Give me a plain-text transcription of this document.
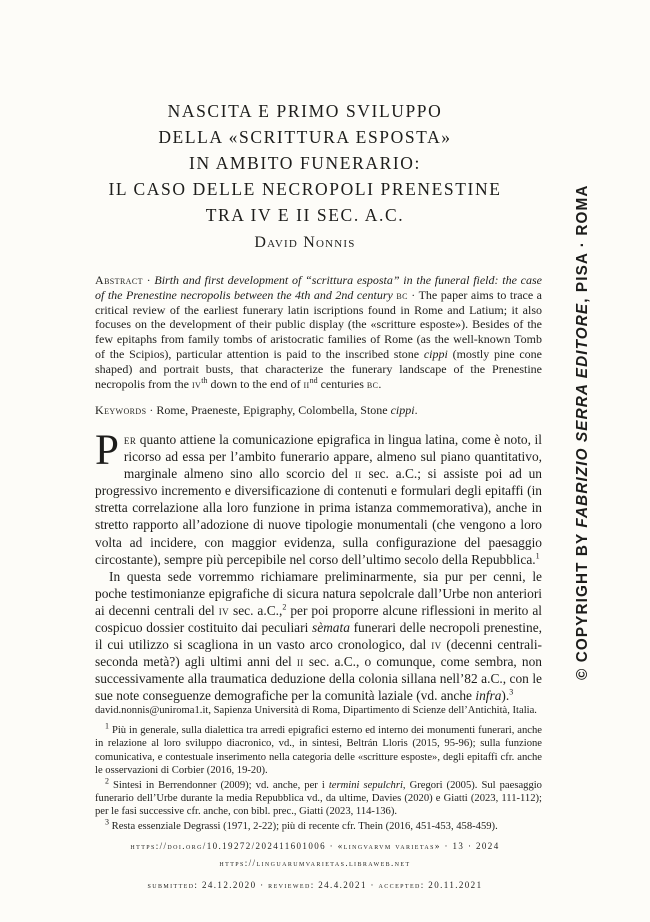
NASCITA E PRIMO SVILUPPO
DELLA «SCRITTURA ESPOSTA»
IN AMBITO FUNERARIO:
IL CASO DELLE NECROPOLI PRENESTINE
TRA IV E II SEC. A.C.
David Nonnis

Abstract · Birth and first development of “scrittura esposta” in the funeral field: the case of the Prenestine necropolis between the 4th and 2nd century bc · The paper aims to trace a critical review of the earliest funerary latin iscriptions found in Rome and Latium; it also focuses on the development of their public display (the «scritture esposte»). Besides of the few epitaphs from family tombs of aristocratic families of Rome (as the well-known Tomb of the Scipios), particular attention is paid to the inscribed stone cippi (mostly pine cone shaped) and portrait busts, that characterize the funerary landscape of the Prenestine necropolis from the $iv^{th}$ down to the end of $ii^{nd}$ centuries bc.

Keywords · Rome, Praeneste, Epigraphy, Colombella, Stone cippi.

Per quanto attiene la comunicazione epigrafica in lingua latina, come è noto, il ricorso ad essa per l’ambito funerario appare, almeno sul piano quantitativo, marginale almeno sino allo scorcio del ii sec. a.C.; si assiste poi ad un progressivo incremento e diversificazione di contenuti e formulari degli epitaffi (in stretta correlazione alla loro funzione in prima istanza commemorativa), anche in stretto rapporto all’adozione di nuove tipologie monumentali (che vengono a loro volta ad incidere, con maggior evidenza, sulla configurazione del paesaggio circostante), sempre più percepibile nel corso dell’ultimo secolo della Repubblica.$^1$

In questa sede vorremmo richiamare preliminarmente, sia pur per cenni, le poche testimonianze epigrafiche di sicura natura sepolcrale dall’Urbe non anteriori ai decenni centrali del iv sec. a.C.,$^2$ per poi proporre alcune riflessioni in merito al cospicuo dossier costituito dai peculiari sèmata funerari delle necropoli prenestine, il cui utilizzo si scagliona in un vasto arco cronologico, dal iv (decenni centrali-seconda metà?) agli ultimi anni del ii sec. a.C., o comunque, come sembra, non successivamente alla traumatica deduzione della colonia sillana nell’82 a.C., con le sue note conseguenze demografiche per la comunità laziale (vd. anche infra).$^3$

david.nonnis@uniroma1.it, Sapienza Università di Roma, Dipartimento di Scienze dell’Antichità, Italia.

$^1$ Più in generale, sulla dialettica tra arredi epigrafici esterno ed interno dei monumenti funerari, anche in relazione al loro sviluppo diacronico, vd., in sintesi, Beltrán Lloris (2015, 95-96); sulla funzione comunicativa, e contestuale inserimento nella categoria delle «scritture esposte», degli epitaffi cfr. anche le osservazioni di Corbier (2016, 19-20).

$^2$ Sintesi in Berrendonner (2009); vd. anche, per i termini sepulchri, Gregori (2005). Sul paesaggio funerario dell’Urbe durante la media Repubblica vd., da ultime, Davies (2020) e Giatti (2023, 111-112); per le fasi successive cfr. anche, con bibl. prec., Giatti (2023, 114-136).

$^3$ Resta essenziale Degrassi (1971, 2-22); più di recente cfr. Thein (2016, 451-453, 458-459).

https://doi.org/10.19272/202411601006 · «lingvarvm varietas» · 13 · 2024
https://linguarumvarietas.libraweb.net
submitted: 24.12.2020 · reviewed: 24.4.2021 · accepted: 20.11.2021
© COPYRIGHT BY FABRIZIO SERRA EDITORE, PISA · ROMA
